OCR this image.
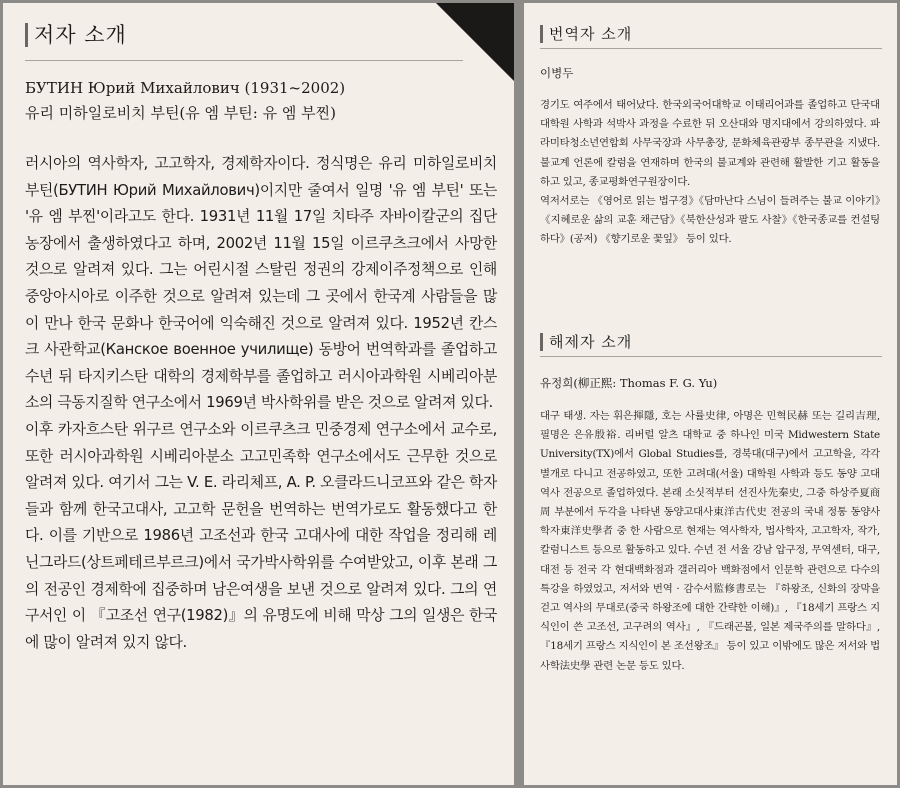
저자 소개
БУТИН Юрий Михайлович (1931~2002)
유리 미하일로비치 부틴(유 엠 부틴: 유 엠 부찐)

러시아의 역사학자, 고고학자, 경제학자이다. 정식명은 유리 미하일로비치 부틴(БУТИН Юрий Михайлович)이지만 줄여서 일명 '유 엠 부틴' 또는 '유 엠 부찐'이라고도 한다. 1931년 11월 17일 치타주 자바이칼군의 집단농장에서 출생하였다고 하며, 2002년 11월 15일 이르쿠츠크에서 사망한 것으로 알려져 있다. 그는 어린시절 스탈린 정권의 강제이주정책으로 인해 중앙아시아로 이주한 것으로 알려져 있는데 그 곳에서 한국계 사람들을 많이 만나 한국 문화나 한국어에 익숙해진 것으로 알려져 있다. 1952년 칸스크 사관학교(Канское военное училище) 동방어 번역학과를 졸업하고 수년 뒤 타지키스탄 대학의 경제학부를 졸업하고 러시아과학원 시베리아분소의 극동지질학 연구소에서 1969년 박사학위를 받은 것으로 알려져 있다.

이후 카자흐스탄 위구르 연구소와 이르쿠츠크 민중경제 연구소에서 교수로, 또한 러시아과학원 시베리아분소 고고민족학 연구소에서도 근무한 것으로 알려져 있다. 여기서 그는 V. E. 라리체프, A. P. 오클라드니코프와 같은 학자들과 함께 한국고대사, 고고학 문헌을 번역하는 번역가로도 활동했다고 한다. 이를 기반으로 1986년 고조선과 한국 고대사에 대한 작업을 정리해 레닌그라드(상트페테르부르크)에서 국가박사학위를 수여받았고, 이후 본래 그의 전공인 경제학에 집중하며 남은여생을 보낸 것으로 알려져 있다. 그의 연구서인 이 『고조선 연구(1982)』의 유명도에 비해 막상 그의 일생은 한국에 많이 알려져 있지 않다.

번역자 소개
이병두

경기도 여주에서 태어났다. 한국외국어대학교 이태리어과를 졸업하고 단국대 대학원 사학과 석박사 과정을 수료한 뒤 오산대와 명지대에서 강의하였다. 파라미타청소년연합회 사무국장과 사무총장, 문화체육관광부 종무관을 지냈다. 불교계 언론에 칼럼을 연재하며 한국의 불교계와 관련해 활발한 기고 활동을 하고 있고, 종교평화연구원장이다.

역저서로는 《영어로 읽는 법구경》《담마난다 스님이 들려주는 불교 이야기》《지혜로운 삶의 교훈 채근담》《북한산성과 팔도 사찰》《한국종교를 컨설팅하다》(공저) 《향기로운 꽃잎》 등이 있다.

해제자 소개
유정희(柳正熙: Thomas F. G. Yu)

대구 태생. 자는 휘은揮隱, 호는 사률史律, 아명은 민혁民赫 또는 길리吉理, 필명은 은유殷裕. 리버럴 알츠 대학교 중 하나인 미국 Midwestern State University(TX)에서 Global Studies를, 경북대(대구)에서 고고학을, 각각 별개로 다니고 전공하였고, 또한 고려대(서울) 대학원 사학과 등도 동양 고대역사 전공으로 졸업하였다. 본래 소싯적부터 선진사先秦史, 그중 하상주夏商周 부분에서 두각을 나타낸 동양고대사東洋古代史 전공의 국내 정통 동양사학자東洋史學者 중 한 사람으로 현재는 역사학자, 법사학자, 고고학자, 작가, 칼럼니스트 등으로 활동하고 있다. 수년 전 서울 강남 압구정, 무역센터, 대구, 대전 등 전국 각 현대백화점과 갤러리아 백화점에서 인문학 관련으로 다수의 특강을 하였었고, 저서와 번역 · 감수서監修書로는 『하왕조, 신화의 장막을 걷고 역사의 무대로(중국 하왕조에 대한 간략한 이해)』, 『18세기 프랑스 지식인이 쓴 고조선, 고구려의 역사』, 『드래곤볼, 일본 제국주의를 말하다』, 『18세기 프랑스 지식인이 본 조선왕조』 등이 있고 이밖에도 많은 저서와 법사학法史學 관련 논문 등도 있다.
